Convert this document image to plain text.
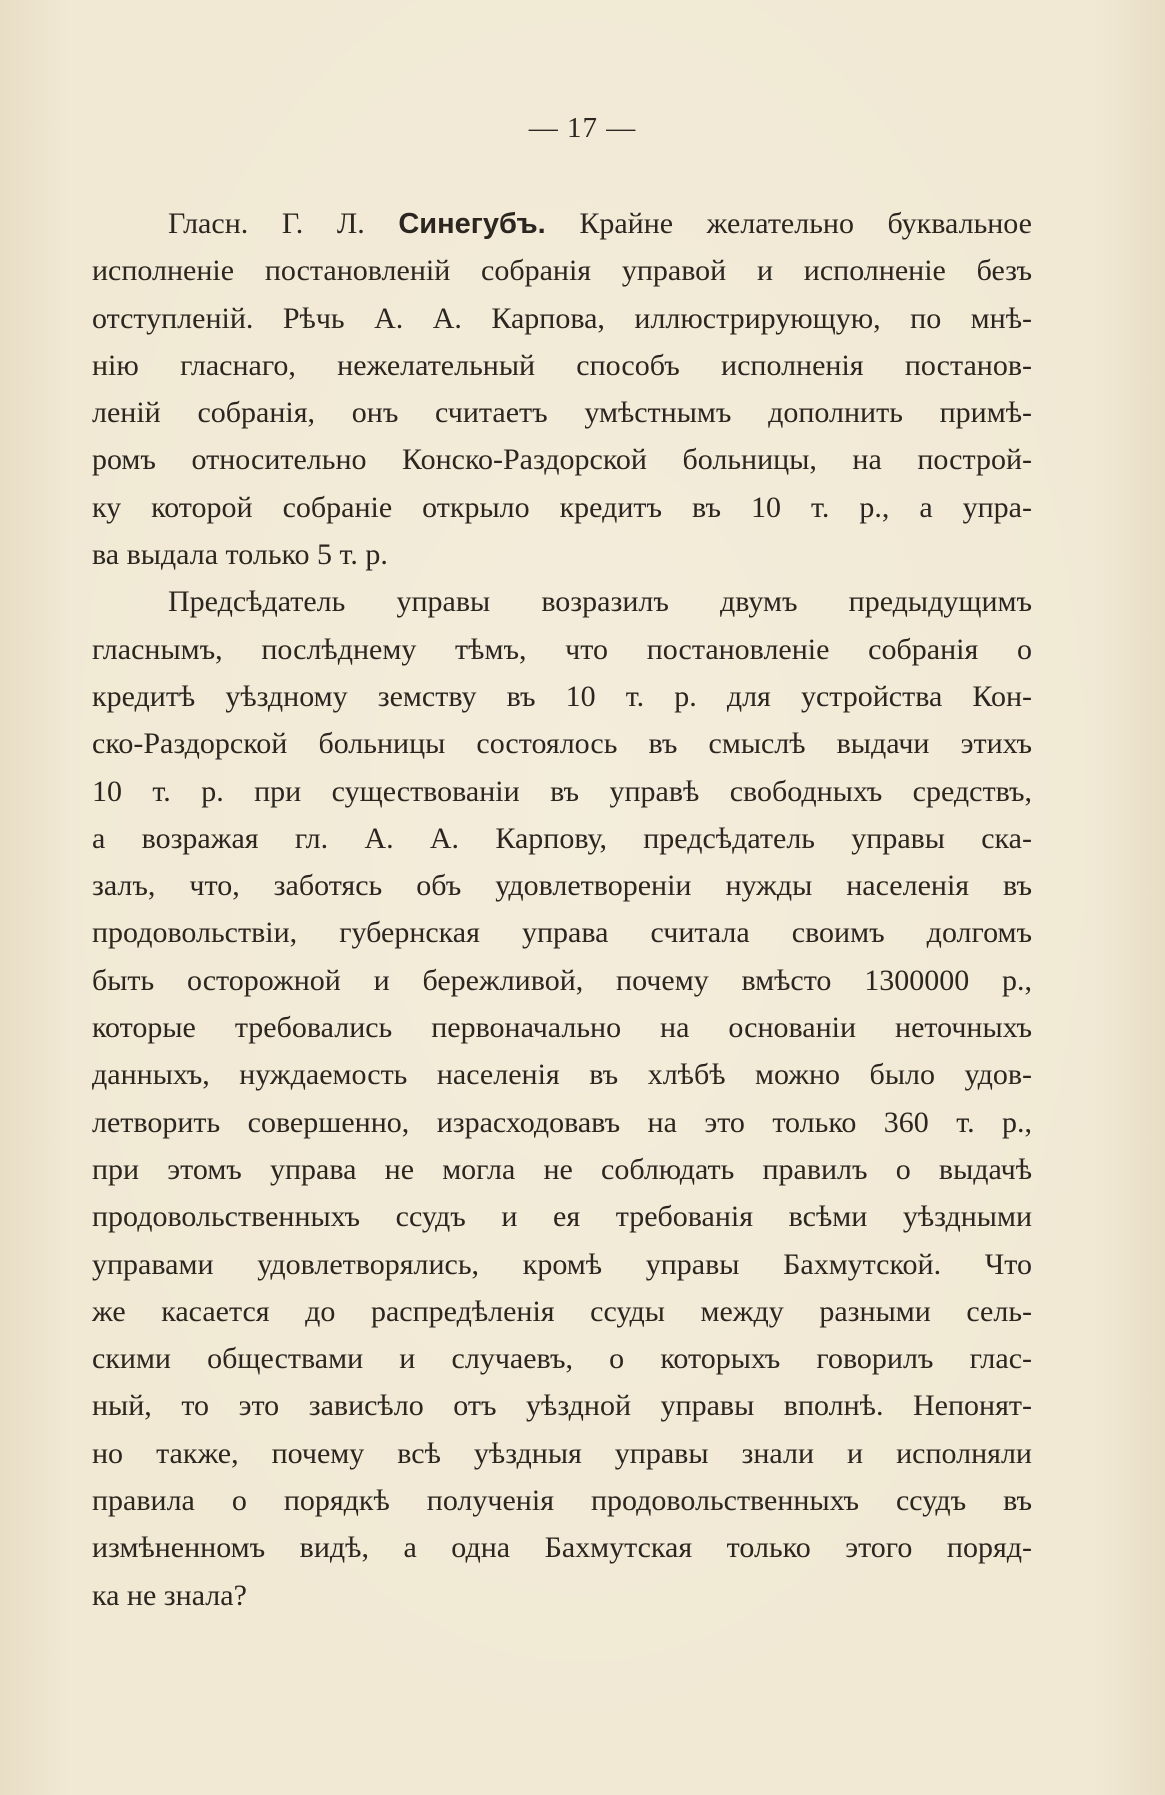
— 17 —

Гласн. Г. Л. Синегубъ. Крайне желательно буквальное
исполненіе постановленій собранія управой и исполненіе безъ
отступленій. Рѣчь А. А. Карпова, иллюстрирующую, по мнѣ-
нію гласнаго, нежелательный способъ исполненія постанов-
леній собранія, онъ считаетъ умѣстнымъ дополнить примѣ-
ромъ относительно Конско-Раздорской больницы, на построй-
ку которой собраніе открыло кредитъ въ 10 т. р., а упра-
ва выдала только 5 т. р.
Предсѣдатель управы возразилъ двумъ предыдущимъ
гласнымъ, послѣднему тѣмъ, что постановленіе собранія о
кредитѣ уѣздному земству въ 10 т. р. для устройства Кон-
ско-Раздорской больницы состоялось въ смыслѣ выдачи этихъ
10 т. р. при существованіи въ управѣ свободныхъ средствъ,
а возражая гл. А. А. Карпову, предсѣдатель управы ска-
залъ, что, заботясь объ удовлетвореніи нужды населенія въ
продовольствіи, губернская управа считала своимъ долгомъ
быть осторожной и бережливой, почему вмѣсто 1300000 р.,
которые требовались первоначально на основаніи неточныхъ
данныхъ, нуждаемость населенія въ хлѣбѣ можно было удов-
летворить совершенно, израсходовавъ на это только 360 т. р.,
при этомъ управа не могла не соблюдать правилъ о выдачѣ
продовольственныхъ ссудъ и ея требованія всѣми уѣздными
управами удовлетворялись, кромѣ управы Бахмутской. Что
же касается до распредѣленія ссуды между разными сель-
скими обществами и случаевъ, о которыхъ говорилъ глас-
ный, то это зависѣло отъ уѣздной управы вполнѣ. Непонят-
но также, почему всѣ уѣздныя управы знали и исполняли
правила о порядкѣ полученія продовольственныхъ ссудъ въ
измѣненномъ видѣ, а одна Бахмутская только этого поряд-
ка не знала?
